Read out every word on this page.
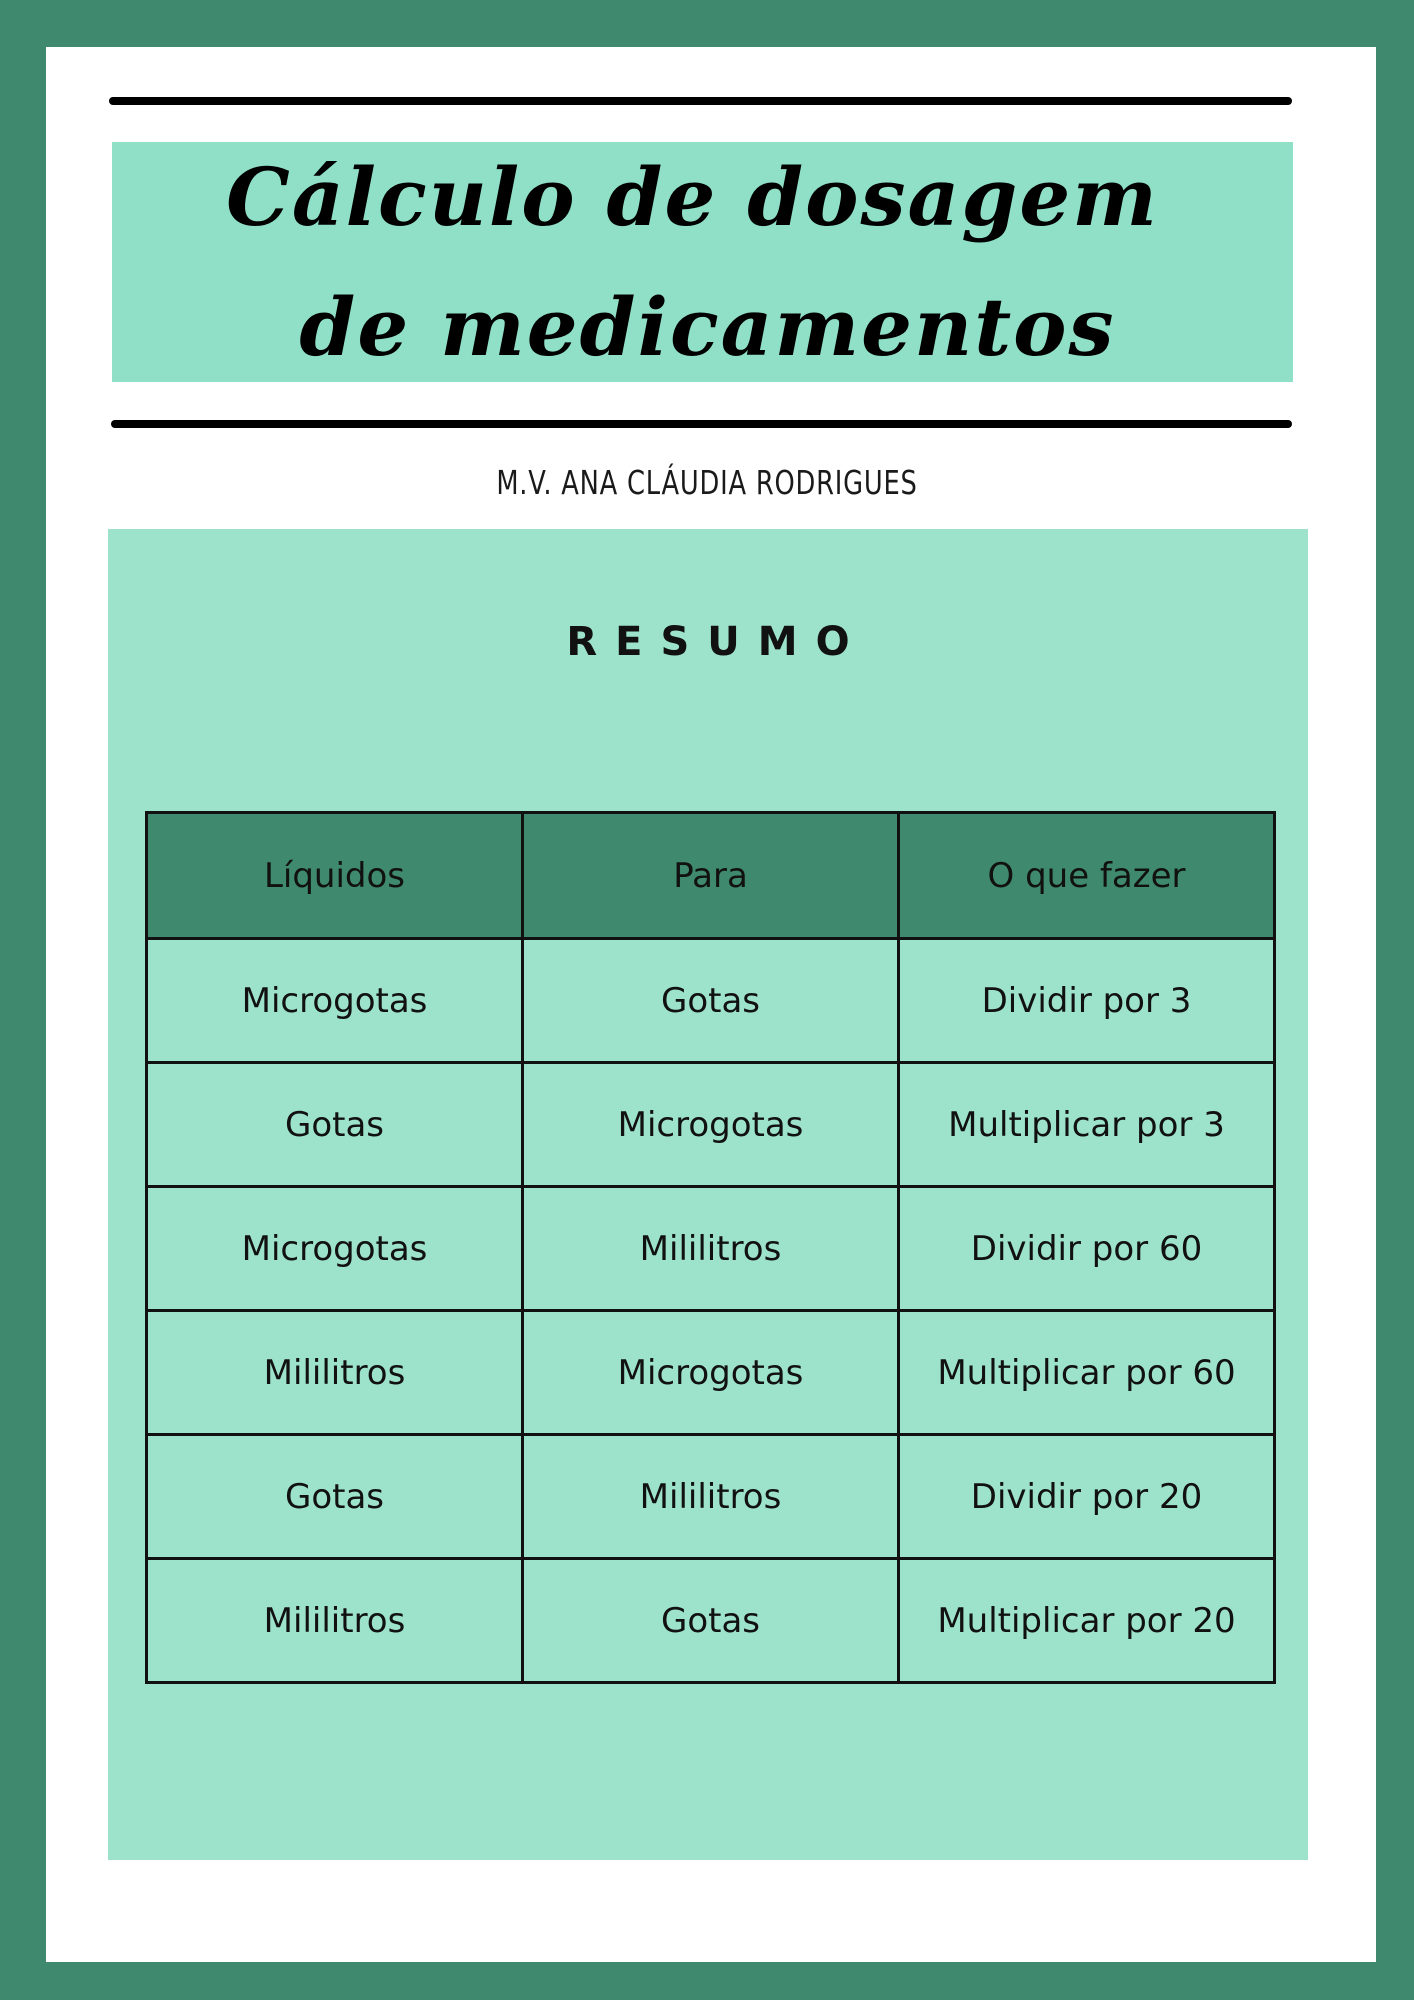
Cálculo de dosagem
de medicamentos
M.V. ANA CLÁUDIA RODRIGUES
RESUMO
Líquidos	Para	O que fazer
Microgotas	Gotas	Dividir por 3
Gotas	Microgotas	Multiplicar por 3
Microgotas	Mililitros	Dividir por 60
Mililitros	Microgotas	Multiplicar por 60
Gotas	Mililitros	Dividir por 20
Mililitros	Gotas	Multiplicar por 20
